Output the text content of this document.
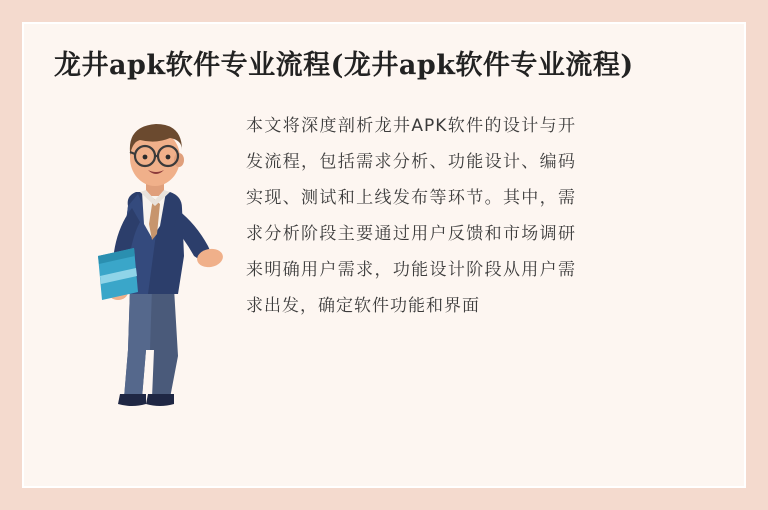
龙井apk软件专业流程(龙井apk软件专业流程)
本文将深度剖析龙井APK软件的设计与开发流程，包括需求分析、功能设计、编码实现、测试和上线发布等环节。其中，需求分析阶段主要通过用户反馈和市场调研来明确用户需求，功能设计阶段从用户需求出发，确定软件功能和界面
